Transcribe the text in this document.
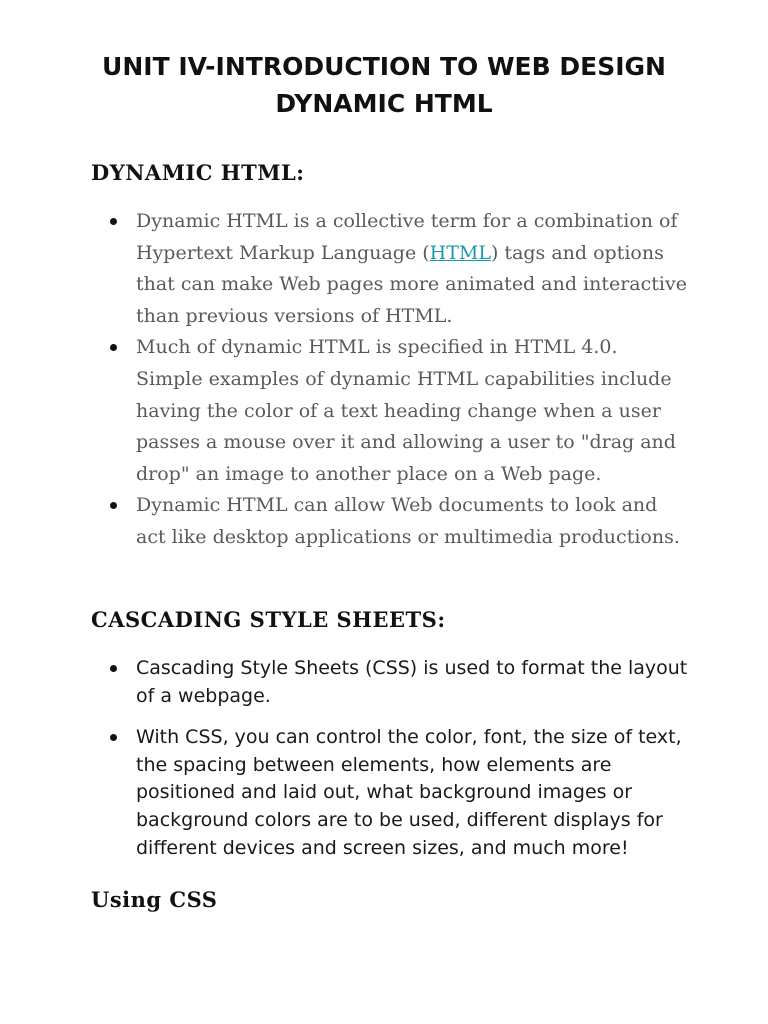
UNIT IV-INTRODUCTION TO WEB DESIGN
DYNAMIC HTML
DYNAMIC HTML:
Dynamic HTML is a collective term for a combination of Hypertext Markup Language (HTML) tags and options that can make Web pages more animated and interactive than previous versions of HTML.
Much of dynamic HTML is specified in HTML 4.0. Simple examples of dynamic HTML capabilities include having the color of a text heading change when a user passes a mouse over it and allowing a user to "drag and drop" an image to another place on a Web page.
Dynamic HTML can allow Web documents to look and act like desktop applications or multimedia productions.
CASCADING STYLE SHEETS:
Cascading Style Sheets (CSS) is used to format the layout of a webpage.
With CSS, you can control the color, font, the size of text, the spacing between elements, how elements are positioned and laid out, what background images or background colors are to be used, different displays for different devices and screen sizes, and much more!
Using CSS
